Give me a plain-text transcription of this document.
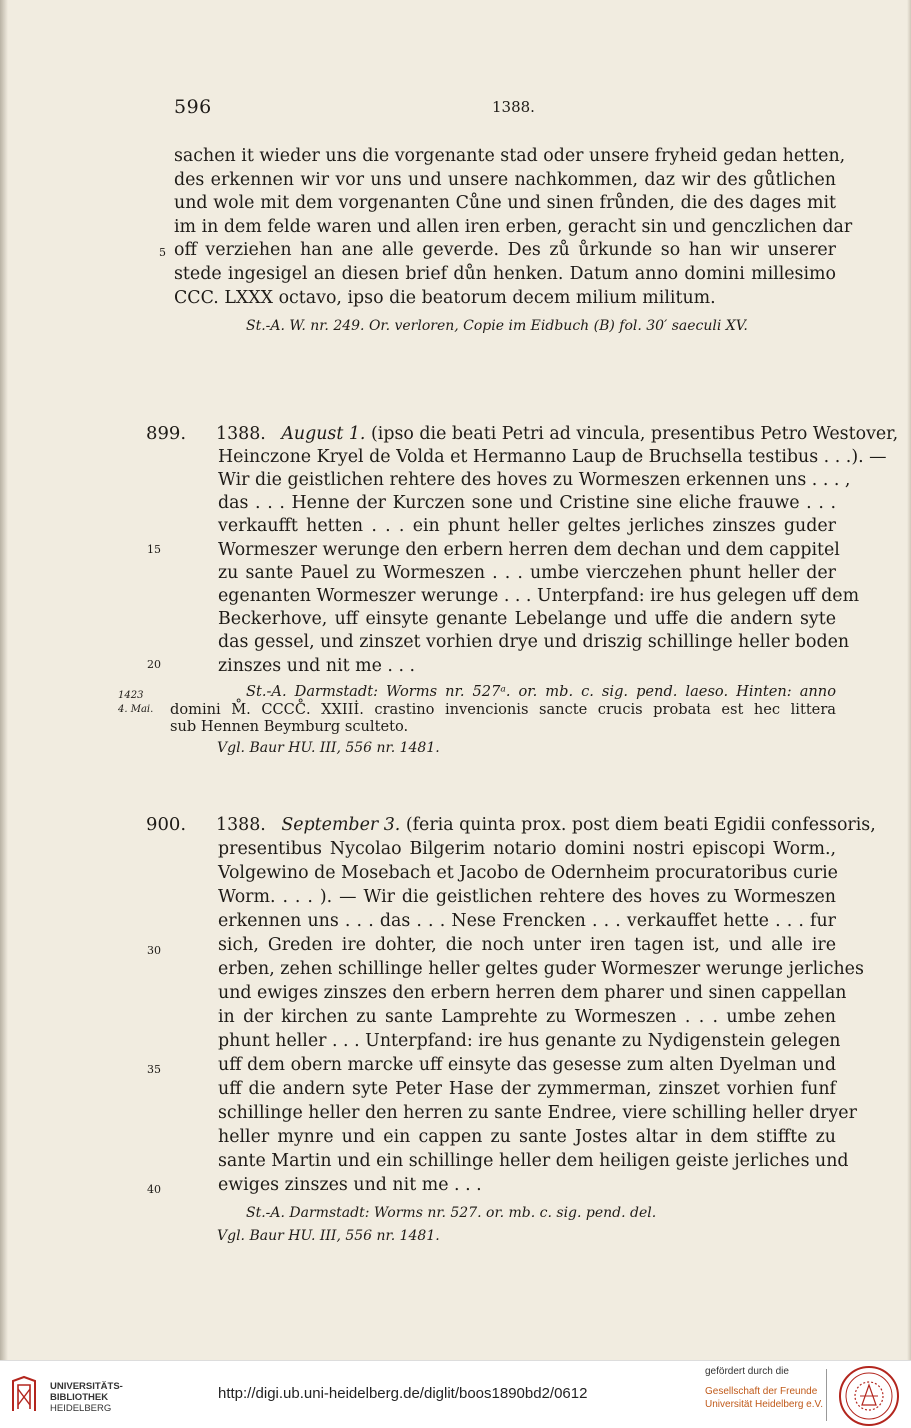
596	1388.
sachen it wieder uns die vorgenante stad oder unsere fryheid gedan hetten,
des erkennen wir vor uns und unsere nachkommen, daz wir des gůtlichen
und wole mit dem vorgenanten Cůne und sinen frůnden, die des dages mit
im in dem felde waren und allen iren erben, geracht sin und genczlichen dar
off verziehen han ane alle geverde. Des zů ůrkunde so han wir unserer
stede ingesigel an diesen brief důn henken. Datum anno domini millesimo
CCC. LXXX octavo, ipso die beatorum decem milium militum.
5
St.-A. W. nr. 249. Or. verloren, Copie im Eidbuch (B) fol. 30′ saeculi XV.
899. 1388. August 1. (ipso die beati Petri ad vincula, presentibus Petro Westover,
Heinczone Kryel de Volda et Hermanno Laup de Bruchsella testibus . . .). —
Wir die geistlichen rehtere des hoves zu Wormeszen erkennen uns . . . ,
das . . . Henne der Kurczen sone und Cristine sine eliche frauwe . . .
verkaufft hetten . . . ein phunt heller geltes jerliches zinszes guder
Wormeszer werunge den erbern herren dem dechan und dem cappitel
zu sante Pauel zu Wormeszen . . . umbe vierczehen phunt heller der
egenanten Wormeszer werunge . . . Unterpfand: ire hus gelegen uff dem
Beckerhove, uff einsyte genante Lebelange und uffe die andern syte
das gessel, und zinszet vorhien drye und driszig schillinge heller boden
zinszes und nit me . . .
15
20
St.-A. Darmstadt: Worms nr. 527ᵃ. or. mb. c. sig. pend. laeso. Hinten: anno
domini M̊. CCCC̊. XXIIİ. crastino invencionis sancte crucis probata est hec littera
sub Hennen Beymburg sculteto.
1423
4. Mai.
Vgl. Baur HU. III, 556 nr. 1481.
900. 1388. September 3. (feria quinta prox. post diem beati Egidii confessoris,
presentibus Nycolao Bilgerim notario domini nostri episcopi Worm.,
Volgewino de Mosebach et Jacobo de Odernheim procuratoribus curie
Worm. . . . ). — Wir die geistlichen rehtere des hoves zu Wormeszen
erkennen uns . . . das . . . Nese Frencken . . . verkauffet hette . . . fur
sich, Greden ire dohter, die noch unter iren tagen ist, und alle ire
erben, zehen schillinge heller geltes guder Wormeszer werunge jerliches
und ewiges zinszes den erbern herren dem pharer und sinen cappellan
in der kirchen zu sante Lamprehte zu Wormeszen . . . umbe zehen
phunt heller . . . Unterpfand: ire hus genante zu Nydigenstein gelegen
uff dem obern marcke uff einsyte das gesesse zum alten Dyelman und
uff die andern syte Peter Hase der zymmerman, zinszet vorhien funf
schillinge heller den herren zu sante Endree, viere schilling heller dryer
heller mynre und ein cappen zu sante Jostes altar in dem stiffte zu
sante Martin und ein schillinge heller dem heiligen geiste jerliches und
ewiges zinszes und nit me . . .
30
35
40
St.-A. Darmstadt: Worms nr. 527. or. mb. c. sig. pend. del.
Vgl. Baur HU. III, 556 nr. 1481.
UNIVERSITÄTS-
BIBLIOTHEK
HEIDELBERG
http://digi.ub.uni-heidelberg.de/diglit/boos1890bd2/0612
gefördert durch die
Gesellschaft der Freunde
Universität Heidelberg e.V.
